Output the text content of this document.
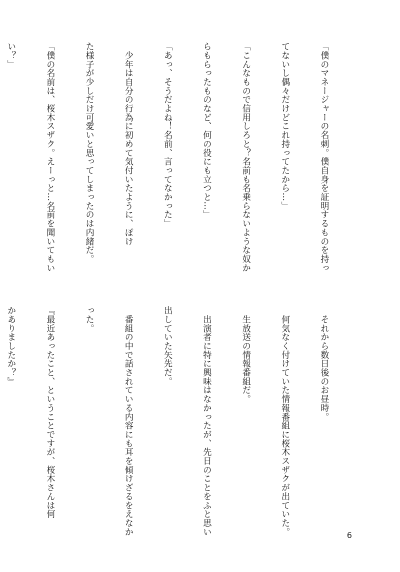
「僕のマネージャーの名刺。僕自身を証明するものを持っ

てないし偶々だけどこれ持ってたから…」

「こんなもので信用しろと？名前も名乗らないような奴か

らもらったものなど、何の役にも立つと…」

「あっ、そうだよね！名前、言ってなかった」

　少年は自分の行為に初めて気付いたように、ぽけ

た様子が少しだけ可愛いと思ってしまったのは内緒だ。

「僕の名前は、桜木スザク。えーっと…名前を聞いてもい

い？」

　それから数日後のお昼時。

　何気なく付けていた情報番組に桜木スザクが出ていた。

　生放送の情報番組だ。

　出演者に特に興味はなかったが、先日のことをふと思い

出していた矢先だ。

　番組の中で話されている内容にも耳を傾けざるをえなか

った。

『最近あったこと、ということですが、桜木さんは何

かありましたか？』

6
